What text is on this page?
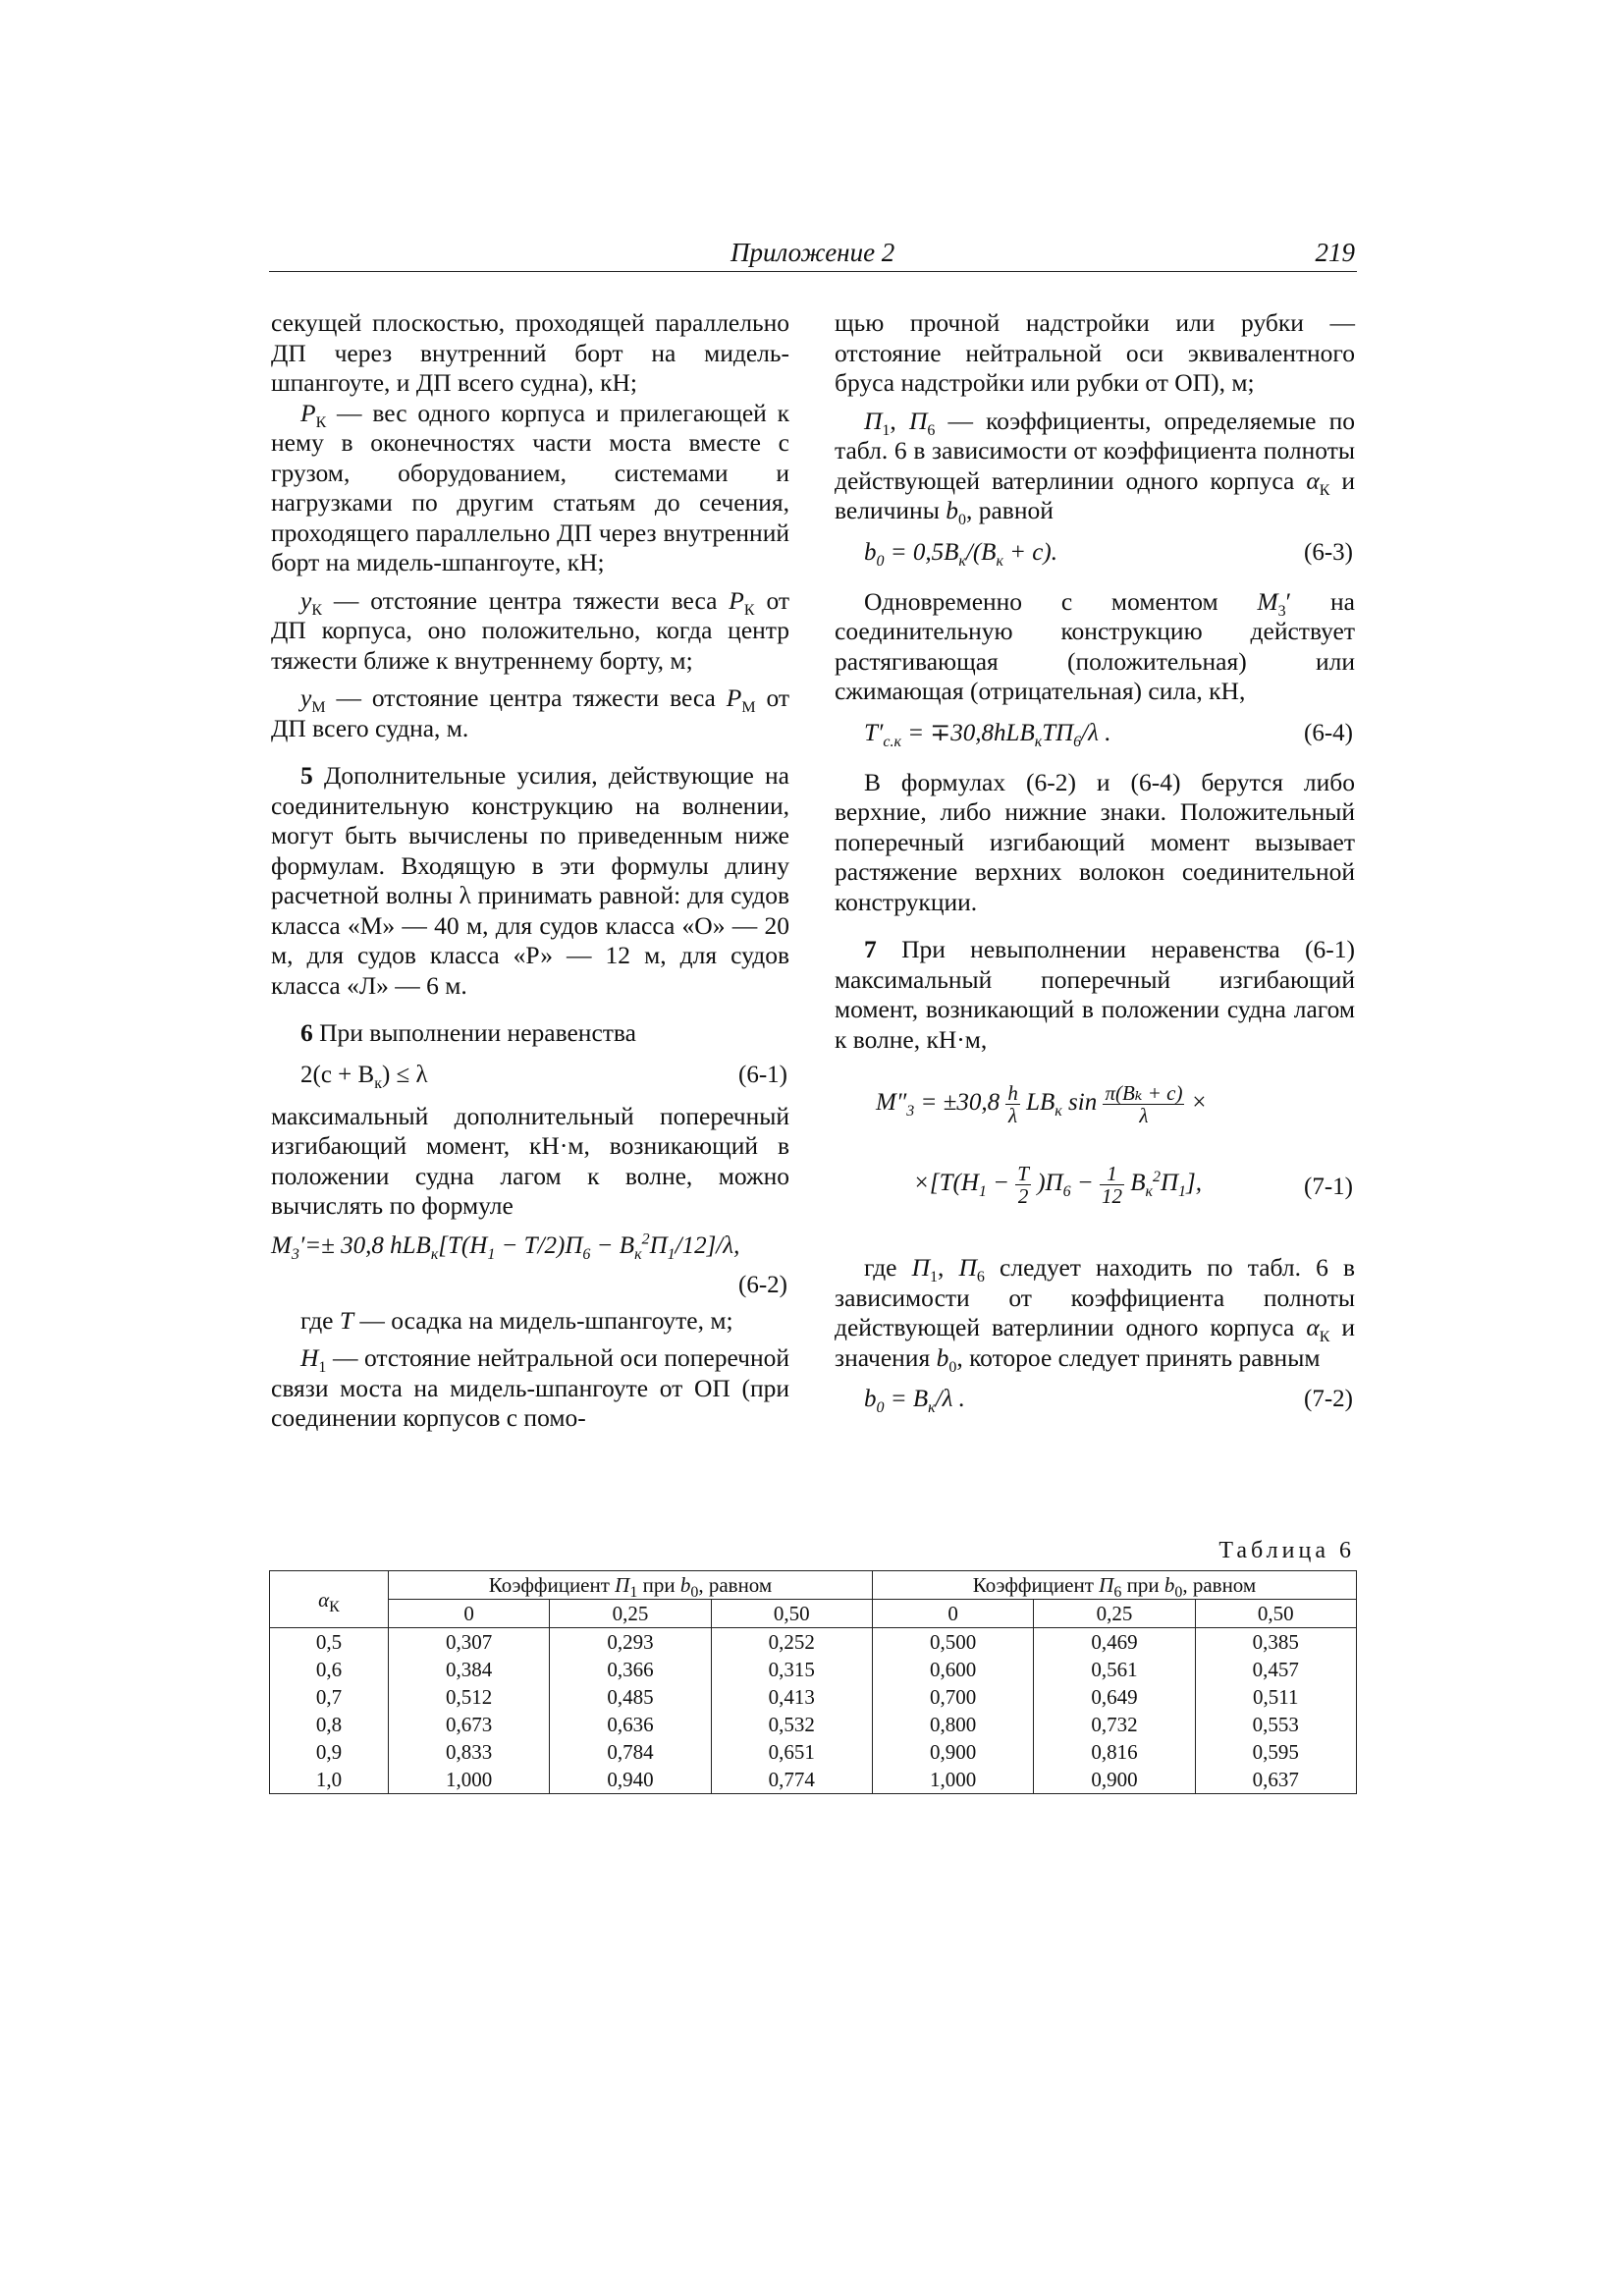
Приложение 2	219

секущей плоскостью, проходящей параллельно ДП через внутренний борт на мидель-шпангоуте, и ДП всего судна), кН;

$P_К$ — вес одного корпуса и прилегающей к нему в оконечностях части моста вместе с грузом, оборудованием, системами и нагрузками по другим статьям до сечения, проходящего параллельно ДП через внутренний борт на мидель-шпангоуте, кН;

$y_К$ — отстояние центра тяжести веса $P_К$ от ДП корпуса, оно положительно, когда центр тяжести ближе к внутреннему борту, м;

$y_М$ — отстояние центра тяжести веса $P_М$ от ДП всего судна, м.

5 Дополнительные усилия, действующие на соединительную конструкцию на волнении, могут быть вычислены по приведенным ниже формулам. Входящую в эти формулы длину расчетной волны λ принимать равной: для судов класса «М» — 40 м, для судов класса «О» — 20 м, для судов класса «Р» — 12 м, для судов класса «Л» — 6 м.

6 При выполнении неравенства

$2(c + B_к) \le \lambda$	(6-1)

максимальный дополнительный поперечный изгибающий момент, кН·м, возникающий в положении судна лагом к волне, можно вычислять по формуле

$M_3'=\pm 30,8$ $hLB_к[T(H_1 - T/2)П_6 - B_к^2П_1/12]/\lambda$,
(6-2)

где T — осадка на мидель-шпангоуте, м;

$H_1$ — отстояние нейтральной оси поперечной связи моста на мидель-шпангоуте от ОП (при соединении корпусов с помо-

щью прочной надстройки или рубки — отстояние нейтральной оси эквивалентного бруса надстройки или рубки от ОП), м;

$П_1$, $П_6$ — коэффициенты, определяемые по табл. 6 в зависимости от коэффициента полноты действующей ватерлинии одного корпуса $\alpha_К$ и величины $b_0$, равной

$b_0 = 0,5B_к/(B_к + c)$.	(6-3)

Одновременно с моментом $M_3'$ на соединительную конструкцию действует растягивающая (положительная) или сжимающая (отрицательная) сила, кН,

$T'_{с.к} = \mp 30,8hLB_кTП_6/\lambda$ .	(6-4)

В формулах (6-2) и (6-4) берутся либо верхние, либо нижние знаки. Положительный поперечный изгибающий момент вызывает растяжение верхних волокон соединительной конструкции.

7 При невыполнении неравенства (6-1) максимальный поперечный изгибающий момент, возникающий в положении судна лагом к волне, кН·м,

$M''_3 = \pm 30,8 \frac{h}{\lambda} LB_к$ $\sin \frac{\text{π(Bₖ + c)}}{\lambda}$ ×
$\times[T(H_1 - \frac{T}{2} )П_6 - \frac{1}{12} B_к^2П_1]$,	(7-1)

где $П_1$, $П_6$ следует находить по табл. 6 в зависимости от коэффициента полноты действующей ватерлинии одного корпуса $\alpha_К$ и значения $b_0$, которое следует принять равным

$b_0 = B_к/\lambda$ .	(7-2)
Таблица 6
$\alpha_К$	Коэффициент $П_1$ при $b_0$, равном			Коэффициент $П_6$ при $b_0$, равном		
	0	0,25	0,50	0	0,25	0,50
0,5	0,307	0,293	0,252	0,500	0,469	0,385
0,6	0,384	0,366	0,315	0,600	0,561	0,457
0,7	0,512	0,485	0,413	0,700	0,649	0,511
0,8	0,673	0,636	0,532	0,800	0,732	0,553
0,9	0,833	0,784	0,651	0,900	0,816	0,595
1,0	1,000	0,940	0,774	1,000	0,900	0,637
